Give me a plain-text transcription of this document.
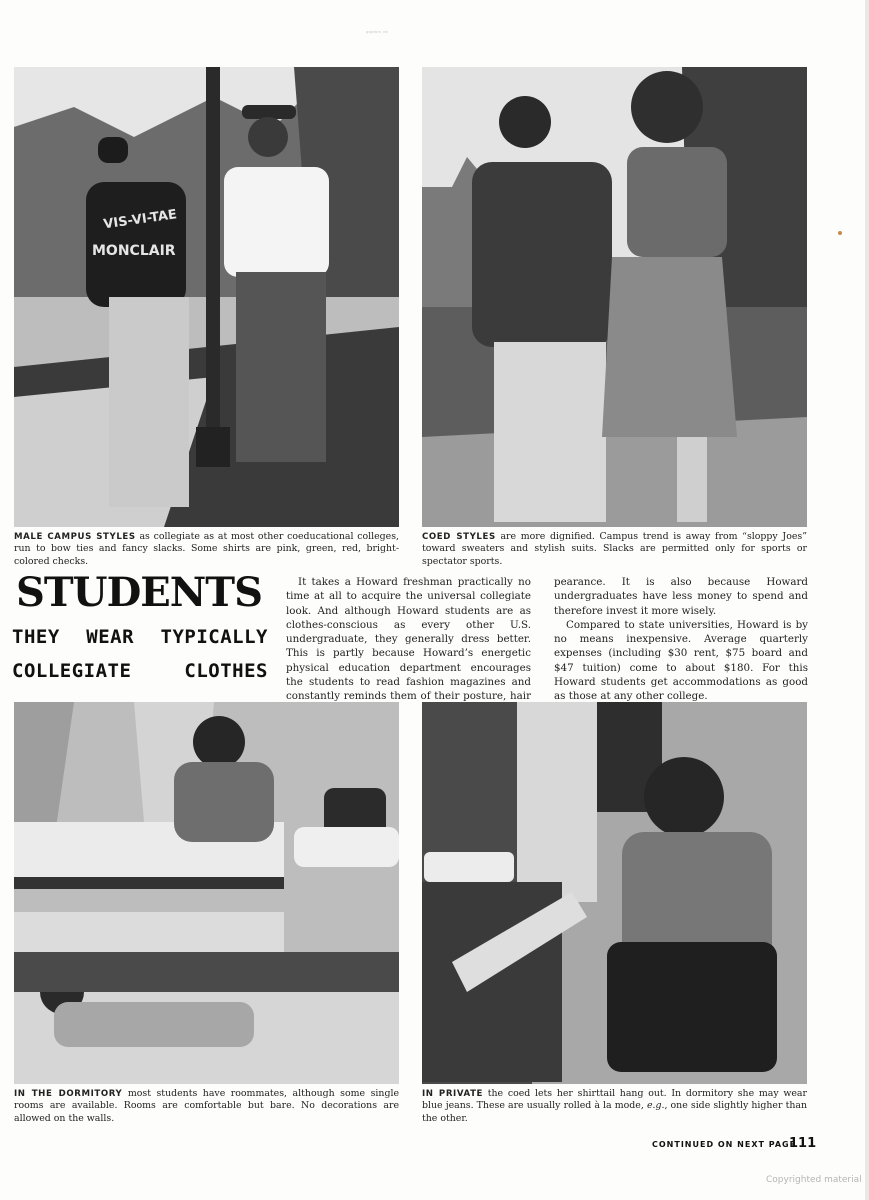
ᶢᶦᵍᵉᵇᵐ ᵉᵏ
VIS-VI-TAE
MONCLAIR
MALE CAMPUS STYLES as collegiate as at most other coeducational colleges, run to bow ties and fancy slacks. Some shirts are pink, green, red, bright-colored checks.
COED STYLES are more dignified. Campus trend is away from “sloppy Joes” toward sweaters and stylish suits. Slacks are permitted only for sports or spectator sports.
STUDENTS
THEY WEAR TYPICALLY
COLLEGIATE CLOTHES

It takes a Howard freshman practically no time at all to acquire the universal collegiate look. And although Howard students are as clothes-conscious as every other U.S. undergraduate, they generally dress better. This is partly because Howard’s energetic physical education department encourages the students to read fashion magazines and constantly reminds them of their posture, hair

pearance. It is also because Howard undergraduates have less money to spend and therefore invest it more wisely.

Compared to state universities, Howard is by no means inexpensive. Average quarterly expenses (including $30 rent, $75 board and $47 tuition) come to about $180. For this Howard students get accommodations as good as those at any other college.

IN THE DORMITORY most students have roommates, although some single rooms are available. Rooms are comfortable but bare. No decorations are allowed on the walls.
IN PRIVATE the coed lets her shirttail hang out. In dormitory she may wear blue jeans. These are usually rolled à la mode, e.g., one side slightly higher than the other.
CONTINUED ON NEXT PAGE
111
Copyrighted material
